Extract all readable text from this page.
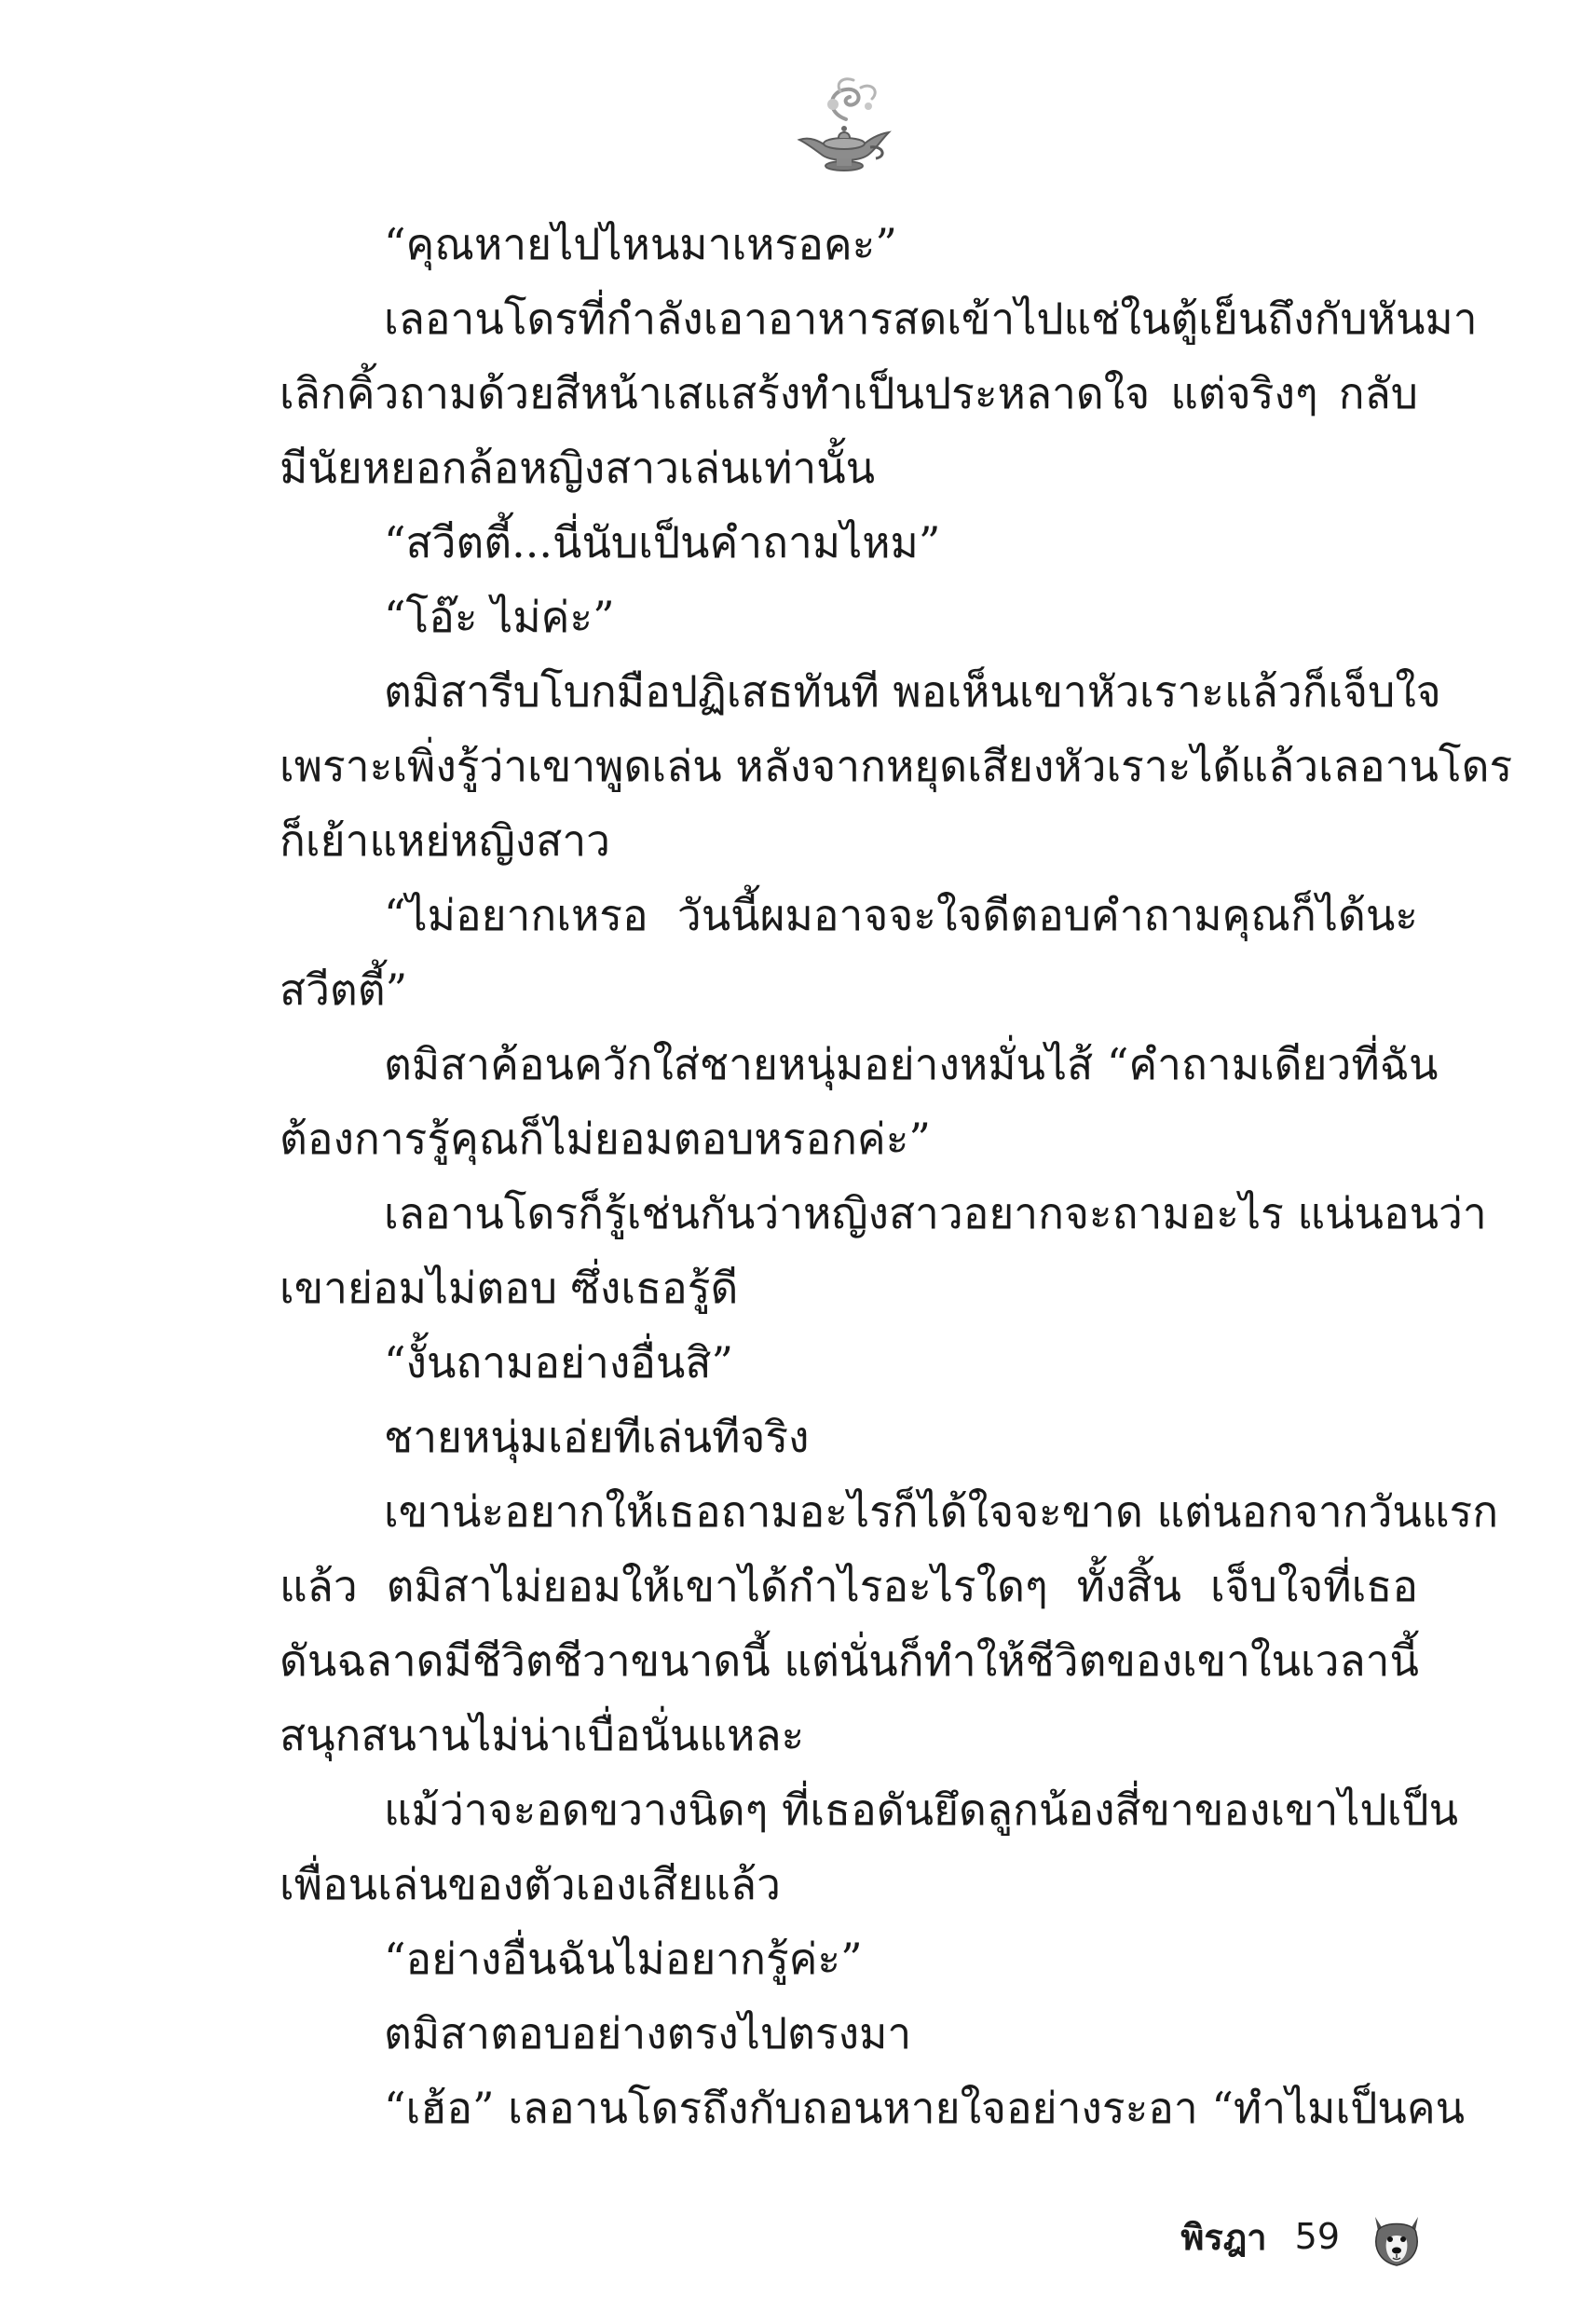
“คุณหายไปไหนมาเหรอคะ”
เลอานโดรที่กำลังเอาอาหารสดเข้าไปแช่ในตู้เย็นถึงกับหันมา
เลิกคิ้วถามด้วยสีหน้าเสแสร้งทำเป็นประหลาดใจ แต่จริงๆ กลับ
มีนัยหยอกล้อหญิงสาวเล่นเท่านั้น
“สวีตตี้...นี่นับเป็นคำถามไหม”
“โอ๊ะ ไม่ค่ะ”
ตมิสารีบโบกมือปฏิเสธทันที พอเห็นเขาหัวเราะแล้วก็เจ็บใจ
เพราะเพิ่งรู้ว่าเขาพูดเล่น หลังจากหยุดเสียงหัวเราะได้แล้วเลอานโดร
ก็เย้าแหย่หญิงสาว
“ไม่อยากเหรอ วันนี้ผมอาจจะใจดีตอบคำถามคุณก็ได้นะ
สวีตตี้”
ตมิสาค้อนควักใส่ชายหนุ่มอย่างหมั่นไส้ “คำถามเดียวที่ฉัน
ต้องการรู้คุณก็ไม่ยอมตอบหรอกค่ะ”
เลอานโดรก็รู้เช่นกันว่าหญิงสาวอยากจะถามอะไร แน่นอนว่า
เขาย่อมไม่ตอบ ซึ่งเธอรู้ดี
“งั้นถามอย่างอื่นสิ”
ชายหนุ่มเอ่ยทีเล่นทีจริง
เขาน่ะอยากให้เธอถามอะไรก็ได้ใจจะขาด แต่นอกจากวันแรก
แล้ว ตมิสาไม่ยอมให้เขาได้กำไรอะไรใดๆ ทั้งสิ้น เจ็บใจที่เธอ
ดันฉลาดมีชีวิตชีวาขนาดนี้ แต่นั่นก็ทำให้ชีวิตของเขาในเวลานี้
สนุกสนานไม่น่าเบื่อนั่นแหละ
แม้ว่าจะอดขวางนิดๆ ที่เธอดันยึดลูกน้องสี่ขาของเขาไปเป็น
เพื่อนเล่นของตัวเองเสียแล้ว
“อย่างอื่นฉันไม่อยากรู้ค่ะ”
ตมิสาตอบอย่างตรงไปตรงมา
“เฮ้อ” เลอานโดรถึงกับถอนหายใจอย่างระอา “ทำไมเป็นคน
พิรฎา 59
